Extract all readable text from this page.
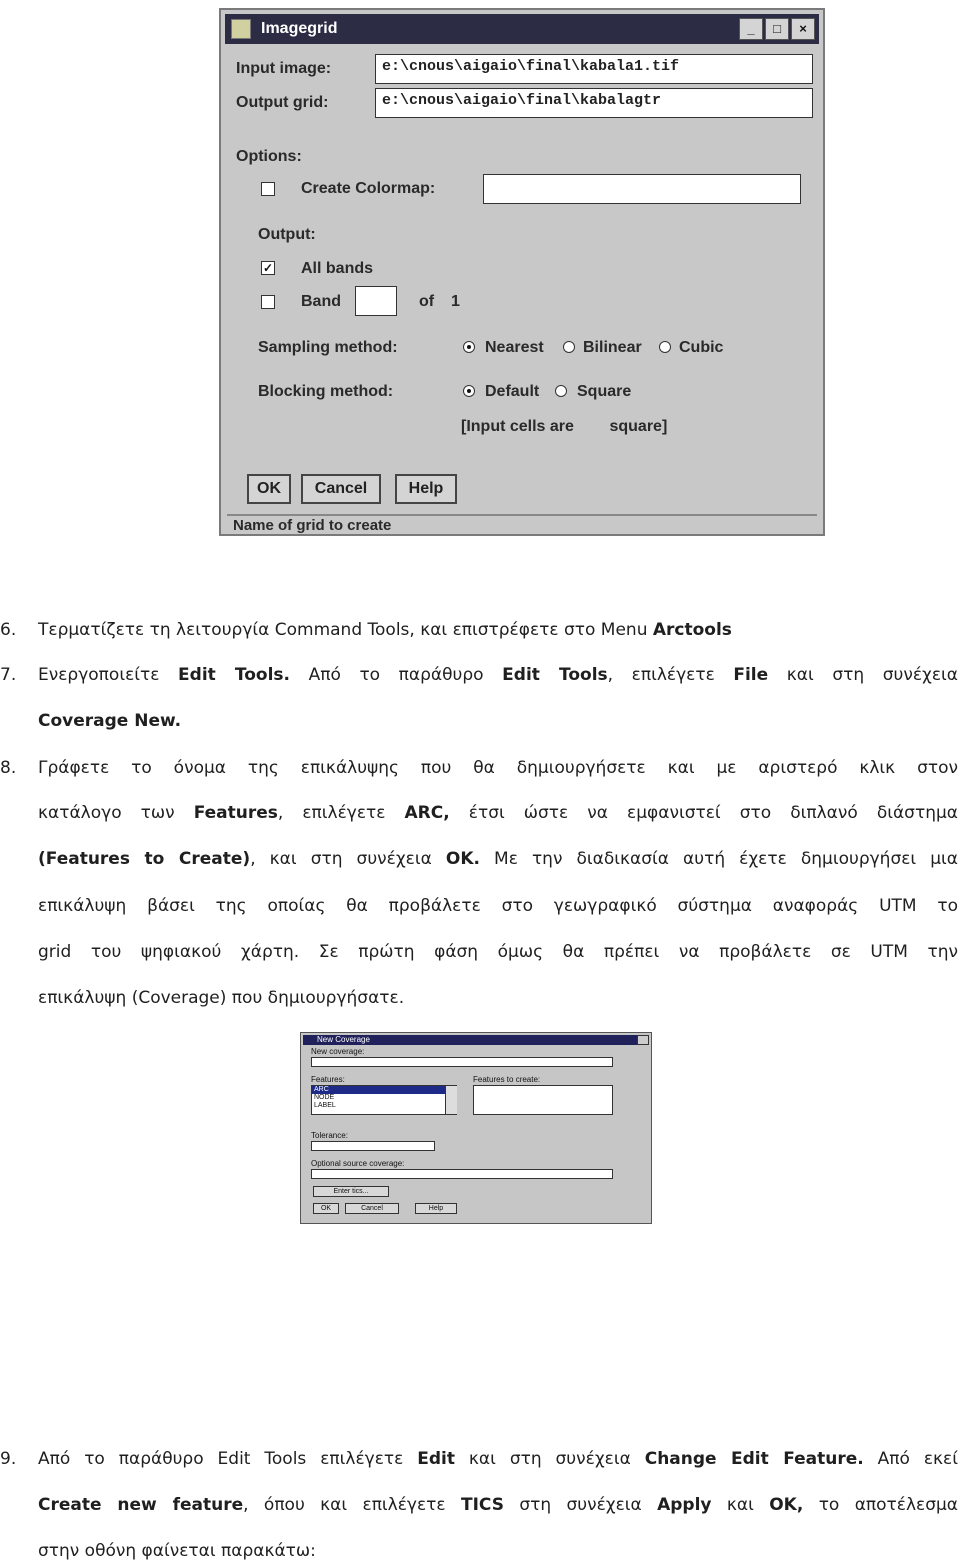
Imagegrid	_	□	×
Input image:	e:\cnous\aigaio\final\kabala1.tif
Output grid:	e:\cnous\aigaio\final\kabalagtr
Options:
Create Colormap:
Output:
✓ All bands
Band	of 1
Sampling method:	Nearest Bilinear Cubic
Blocking method:	Default Square
[Input cells are        square]
OK	Cancel	Help
Name of grid to create
6. Τερματίζετε τη λειτουργία Command Tools, και επιστρέφετε στο Menu Arctools
7. Ενεργοποιείτε Edit Tools. Από το παράθυρο Edit Tools, επιλέγετε File και στη συνέχεια
Coverage New.
8. Γράφετε το όνομα της επικάλυψης που θα δημιουργήσετε και με αριστερό κλικ στον
κατάλογο των Features, επιλέγετε ARC, έτσι ώστε να εμφανιστεί στο διπλανό διάστημα
(Features to Create), και στη συνέχεια OK. Με την διαδικασία αυτή έχετε δημιουργήσει μια
επικάλυψη βάσει της οποίας θα προβάλετε στο γεωγραφικό σύστημα αναφοράς UTM το
grid του ψηφιακού χάρτη. Σε πρώτη φάση όμως θα πρέπει να προβάλετε σε UTM την
επικάλυψη (Coverage) που δημιουργήσατε.
New Coverage
New coverage:
Features:
ARC
NODE
LABEL
Features to create:
Tolerance:
Optional source coverage:
Enter tics...
OK	Cancel	Help
9. Από το παράθυρο Edit Tools επιλέγετε Edit και στη συνέχεια Change Edit Feature. Από εκεί
Create new feature, όπου και επιλέγετε TICS στη συνέχεια Apply και OK, το αποτέλεσμα
στην οθόνη φαίνεται παρακάτω:
